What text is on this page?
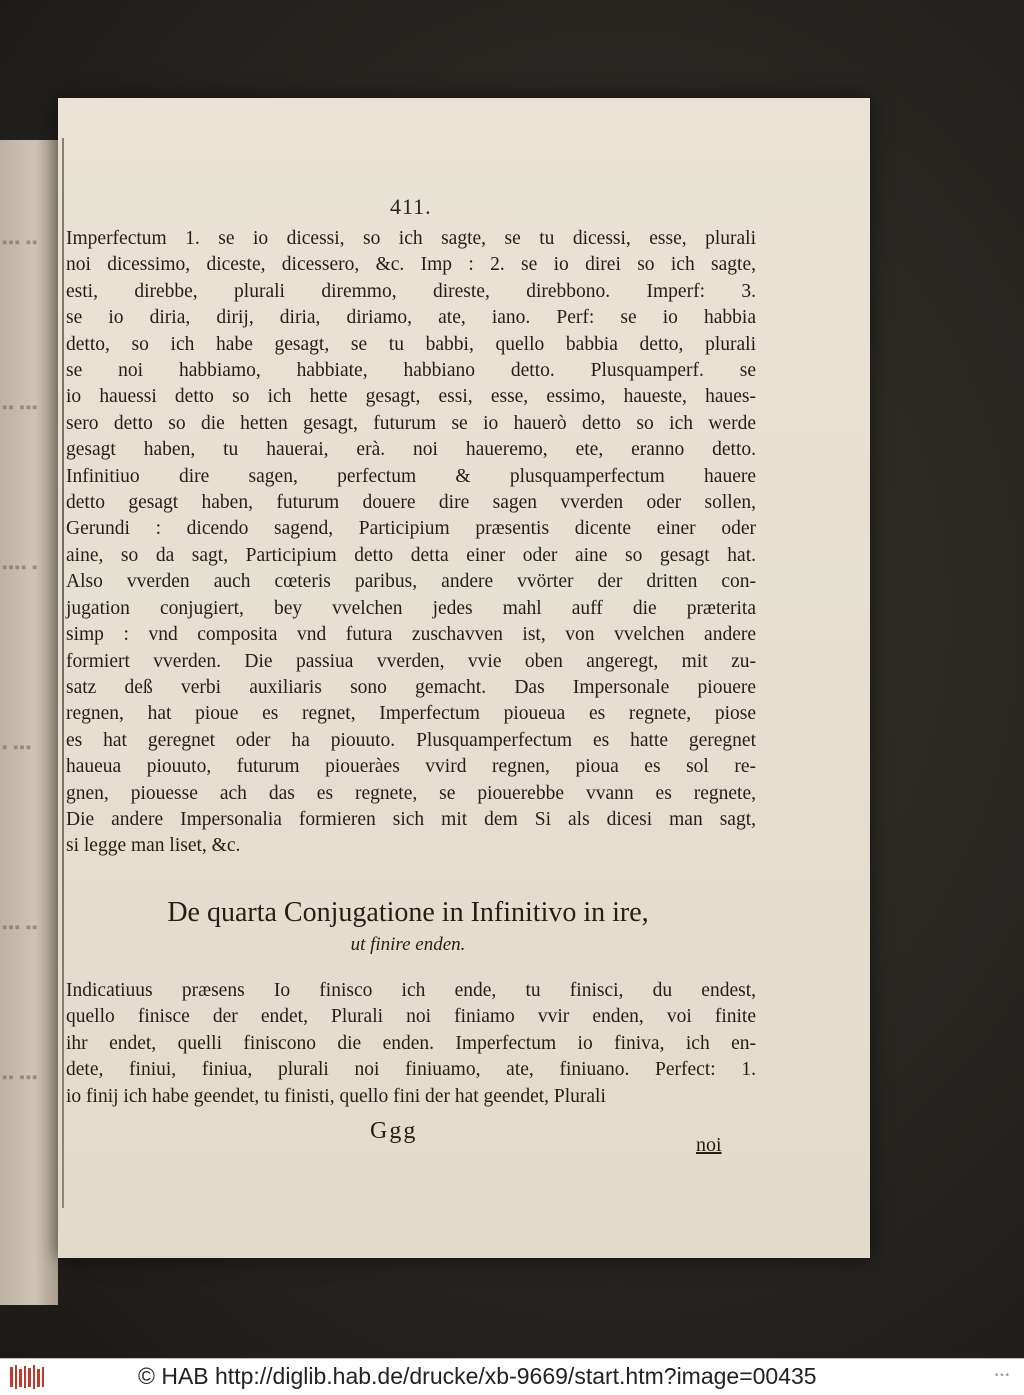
▪▪▪ ▪▪
▪▪ ▪▪▪
▪▪▪▪ ▪
▪ ▪▪▪
▪▪▪ ▪▪
▪▪ ▪▪▪
411.
Imperfectum 1. se io dicessi, so ich sagte, se tu dicessi, esse, plurali
noi dicessimo, diceste, dicessero, &c. Imp : 2. se io direi so ich sagte,
esti, direbbe, plurali diremmo, direste, direbbono. Imperf: 3.
se io diria, dirij, diria, diriamo, ate, iano. Perf: se io habbia
detto, so ich habe gesagt, se tu babbi, quello babbia detto, plurali
se noi habbiamo, habbiate, habbiano detto. Plusquamperf. se
io hauessi detto so ich hette gesagt, essi, esse, essimo, haueste, haues-
sero detto so die hetten gesagt, futurum se io hauerò detto so ich werde
gesagt haben, tu hauerai, erà. noi haueremo, ete, eranno detto.
Infinitiuo dire sagen, perfectum & plusquamperfectum hauere
detto gesagt haben, futurum douere dire sagen vverden oder sollen,
Gerundi : dicendo sagend, Participium præsentis dicente einer oder
aine, so da sagt, Participium detto detta einer oder aine so gesagt hat.
Also vverden auch cœteris paribus, andere vvörter der dritten con-
jugation conjugiert, bey vvelchen jedes mahl auff die præterita
simp : vnd composita vnd futura zuschavven ist, von vvelchen andere
formiert vverden. Die passiua vverden, vvie oben angeregt, mit zu-
satz deß verbi auxiliaris sono gemacht. Das Impersonale piouere
regnen, hat pioue es regnet, Imperfectum pioueua es regnete, piose
es hat geregnet oder ha piouuto. Plusquamperfectum es hatte geregnet
haueua piouuto, futurum pioueràes vvird regnen, pioua es sol re-
gnen, piouesse ach das es regnete, se piouerebbe vvann es regnete,
Die andere Impersonalia formieren sich mit dem Si als dicesi man sagt,
si legge man liset, &c.
De quarta Conjugatione in Infinitivo in ire,
ut finire enden.
Indicatiuus præsens Io finisco ich ende, tu finisci, du endest,
quello finisce der endet, Plurali noi finiamo vvir enden, voi finite
ihr endet, quelli finiscono die enden. Imperfectum io finiva, ich en-
dete, finiui, finiua, plurali noi finiuamo, ate, finiuano. Perfect: 1.
io finij ich habe geendet, tu finisti, quello fini der hat geendet, Plurali
Ggg
noi
© HAB http://diglib.hab.de/drucke/xb-9669/start.htm?image=00435	•••
